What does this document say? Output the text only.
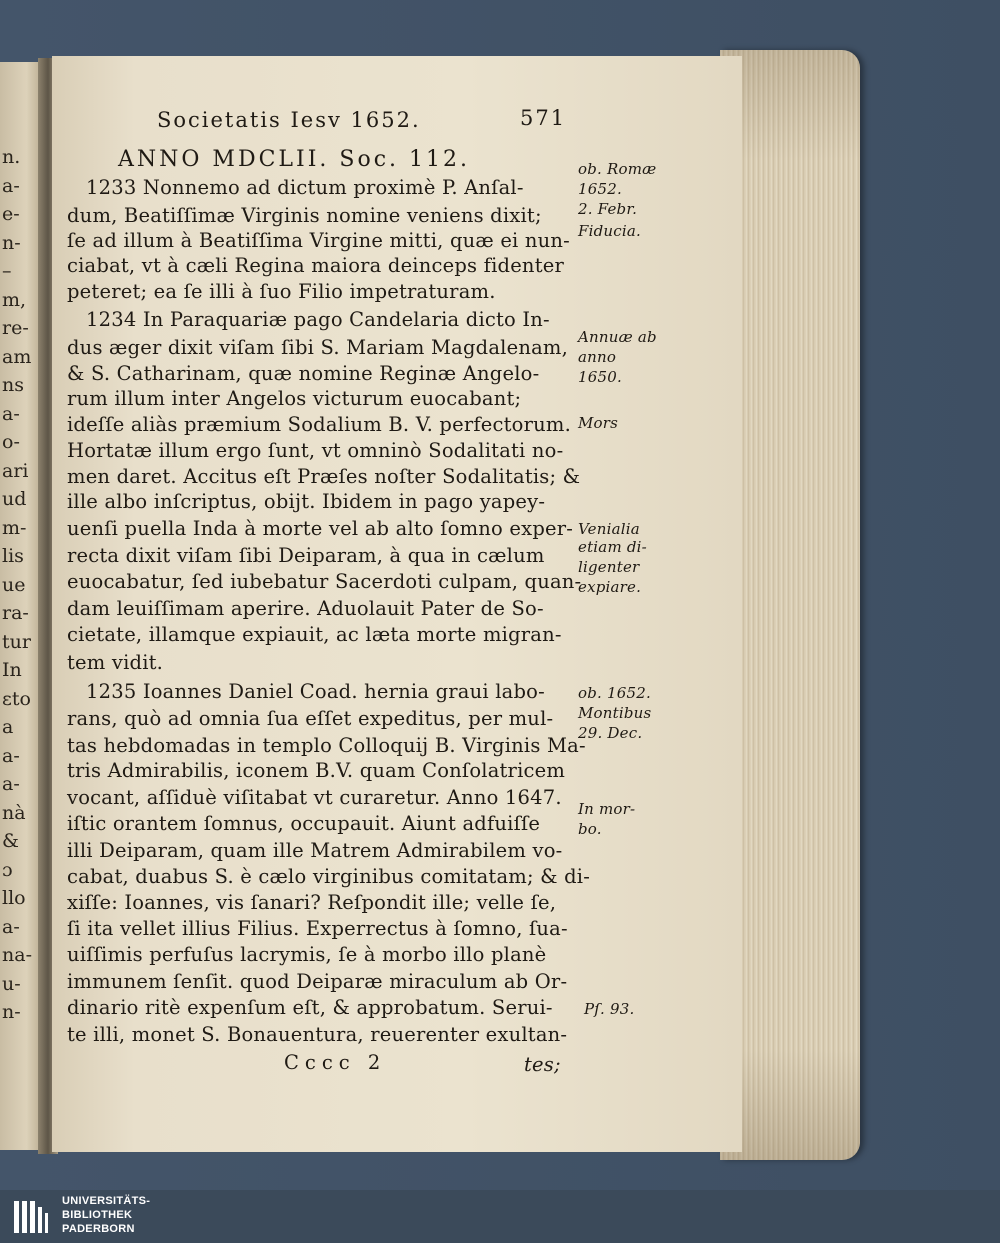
n.
a-
e-
n-
–
m,
re-
am
ns
a-
o-
ari
ud
m-
lis
ue
ra-
tur
In
ɛto
a
a-
a-
nà
&
ɔ
llo
a-
na-
u-
n-
Societatis Iesv 1652.	571
ANNO MDCLII. Soc. 112.
1233 Nonnemo ad dictum proximè P. Anſal-
dum, Beatiſſimæ Virginis nomine veniens dixit;
ſe ad illum à Beatiſſima Virgine mitti, quæ ei nun-
ciabat, vt à cæli Regina maiora deinceps fidenter
peteret; ea ſe illi à ſuo Filio impetraturam.
1234 In Paraquariæ pago Candelaria dicto In-
dus æger dixit viſam ſibi S. Mariam Magdalenam,
& S. Catharinam, quæ nomine Reginæ Angelo-
rum illum inter Angelos victurum euocabant;
ideſſe aliàs præmium Sodalium B. V. perfectorum.
Hortatæ illum ergo ſunt, vt omninò Sodalitati no-
men daret. Accitus eſt Præſes noſter Sodalitatis; &
ille albo inſcriptus, obijt. Ibidem in pago yapey-
uenſi puella Inda à morte vel ab alto ſomno exper-
recta dixit viſam ſibi Deiparam, à qua in cælum
euocabatur, ſed iubebatur Sacerdoti culpam, quan-
dam leuiſſimam aperire. Aduolauit Pater de So-
cietate, illamque expiauit, ac læta morte migran-
tem vidit.
1235 Ioannes Daniel Coad. hernia graui labo-
rans, quò ad omnia ſua eſſet expeditus, per mul-
tas hebdomadas in templo Colloquij B. Virginis Ma-
tris Admirabilis, iconem B.V. quam Conſolatricem
vocant, aſſiduè viſitabat vt curaretur. Anno 1647.
iſtic orantem ſomnus, occupauit. Aiunt adfuiſſe
illi Deiparam, quam ille Matrem Admirabilem vo-
cabat, duabus S. è cælo virginibus comitatam; & di-
xiſſe: Ioannes, vis ſanari? Reſpondit ille; velle ſe,
ſi ita vellet illius Filius. Experrectus à ſomno, ſua-
uiſſimis perfuſus lacrymis, ſe à morbo illo planè
immunem ſenſit. quod Deiparæ miraculum ab Or-
dinario ritè expenſum eſt, & approbatum. Serui-
te illi, monet S. Bonauentura, reuerenter exultan-
ob. Romæ
1652.
2. Febr.
Fiducia.
Annuæ ab
anno
1650.
Mors
Venialia
etiam di-
ligenter
expiare.
ob. 1652.
Montibus
29. Dec.
In mor-
bo.
Pſ. 93.
Cccc 2	tes;
UNIVERSITÄTS-
BIBLIOTHEK
PADERBORN
